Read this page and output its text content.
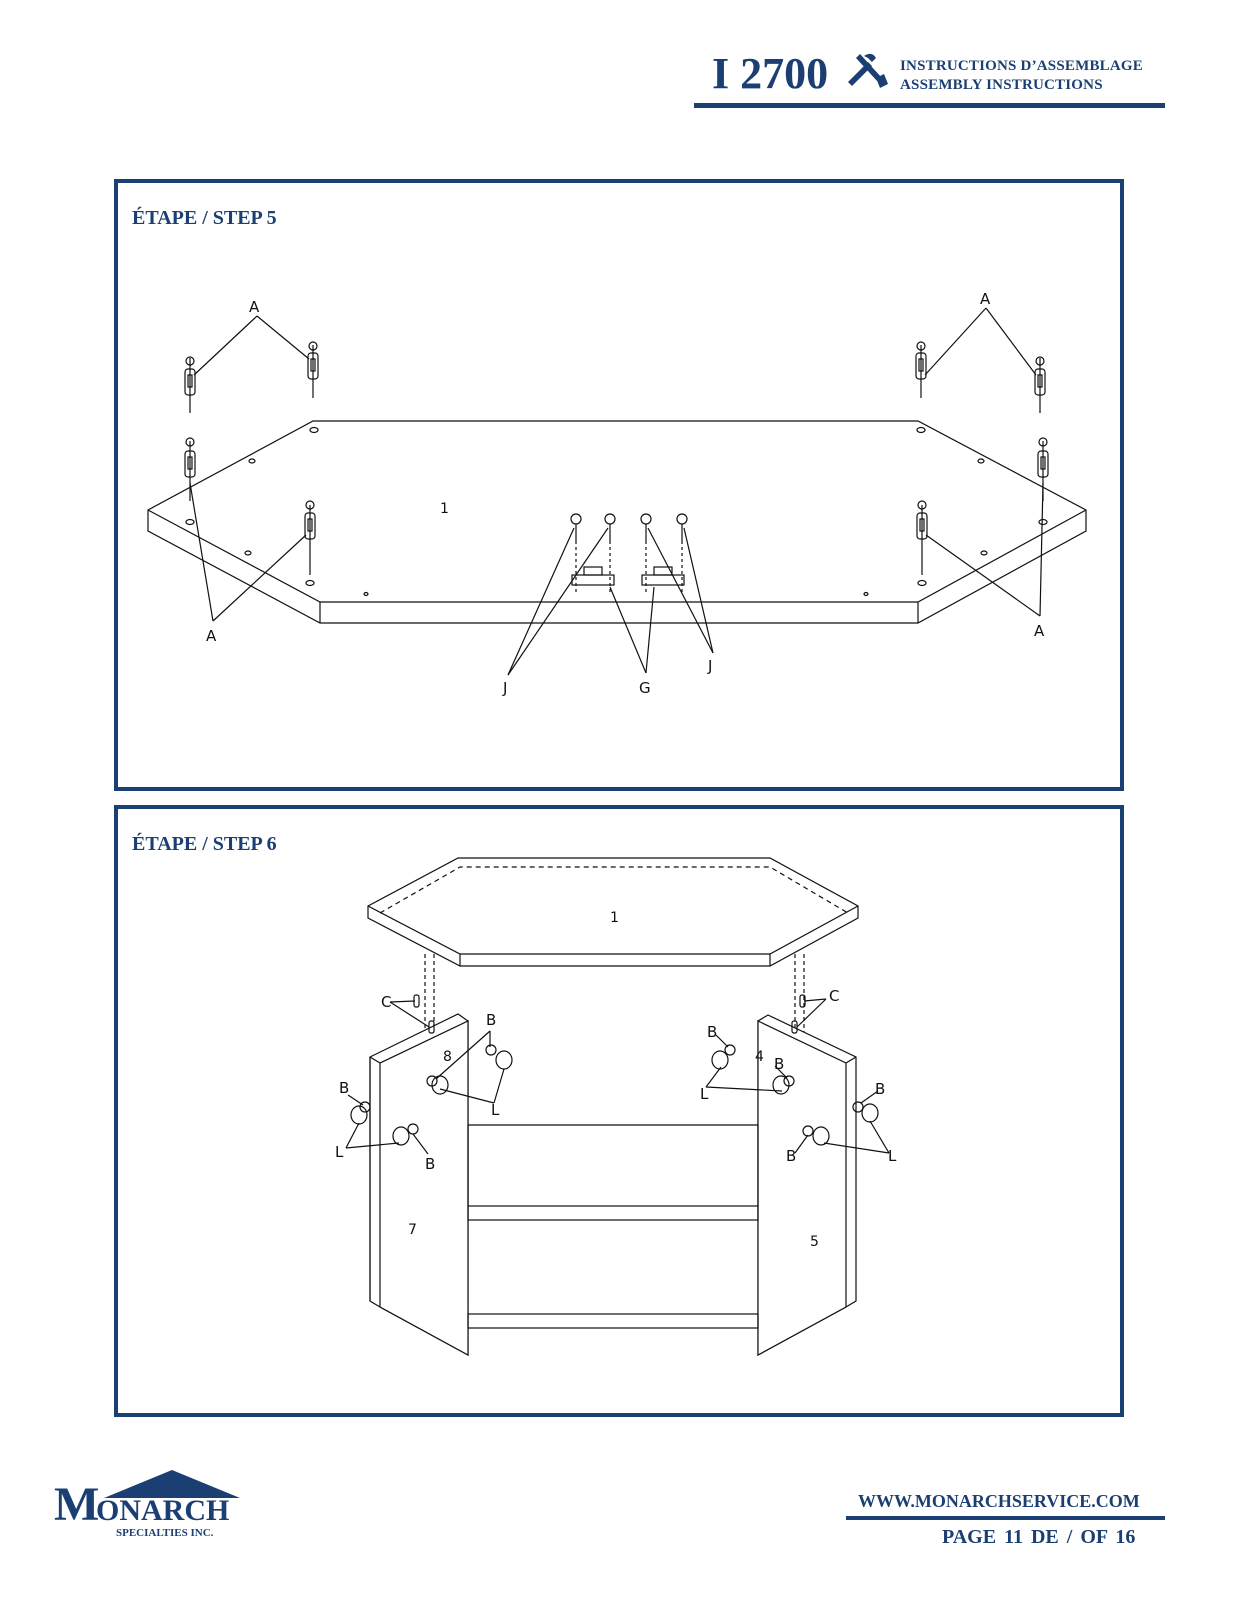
I 2700	INSTRUCTIONS D’ASSEMBLAGE
ASSEMBLY INSTRUCTIONS
ÉTAPE / STEP 5
A	A
A	A
J
J
G
1
ÉTAPE / STEP 6
C	C
B
B
B
B
B
B
B
L
L
L
L
1
8	4
7
5
M
ONARCH
SPECIALTIES INC.
WWW.MONARCHSERVICE.COM
PAGE 11 DE / OF 16
